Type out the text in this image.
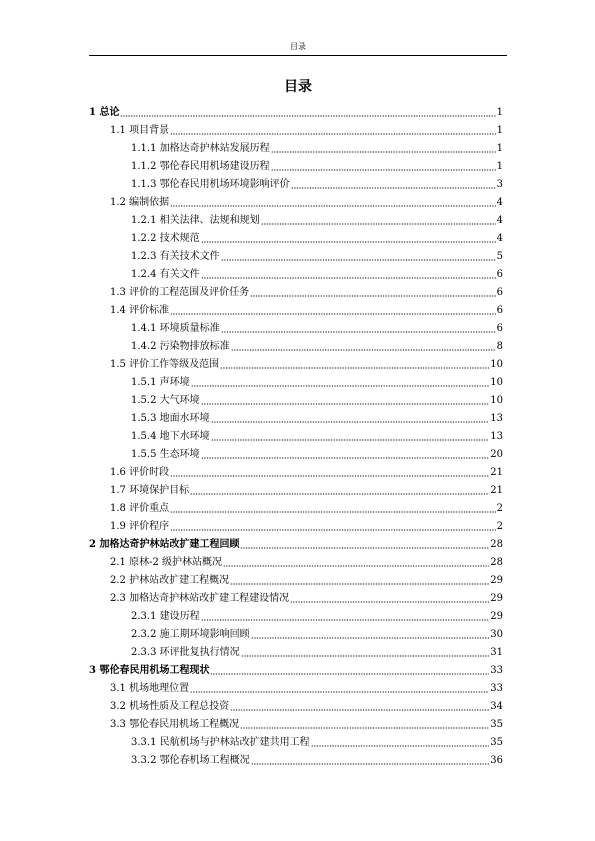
目录
目录
1 总论	1
1.1 项目背景	1
1.1.1 加格达奇护林站发展历程	1
1.1.2 鄂伦春民用机场建设历程	1
1.1.3 鄂伦春民用机场环境影响评价	3
1.2 编制依据	4
1.2.1 相关法律、法规和规划	4
1.2.2 技术规范	4
1.2.3 有关技术文件	5
1.2.4 有关文件	6
1.3 评价的工程范围及评价任务	6
1.4 评价标准	6
1.4.1 环境质量标准	6
1.4.2 污染物排放标准	8
1.5 评价工作等级及范围	10
1.5.1 声环境	10
1.5.2 大气环境	10
1.5.3 地面水环境	13
1.5.4 地下水环境	13
1.5.5 生态环境	20
1.6 评价时段	21
1.7 环境保护目标	21
1.8 评价重点	2
1.9 评价程序	2
2 加格达奇护林站改扩建工程回顾	28
2.1 原林-2 级护林站概况	28
2.2 护林站改扩建工程概况	29
2.3 加格达奇护林站改扩建工程建设情况	29
2.3.1 建设历程	29
2.3.2 施工期环境影响回顾	30
2.3.3 环评批复执行情况	31
3 鄂伦春民用机场工程现状	33
3.1 机场地理位置	33
3.2 机场性质及工程总投资	34
3.3 鄂伦春民用机场工程概况	35
3.3.1 民航机场与护林站改扩建共用工程	35
3.3.2 鄂伦春机场工程概况	36
